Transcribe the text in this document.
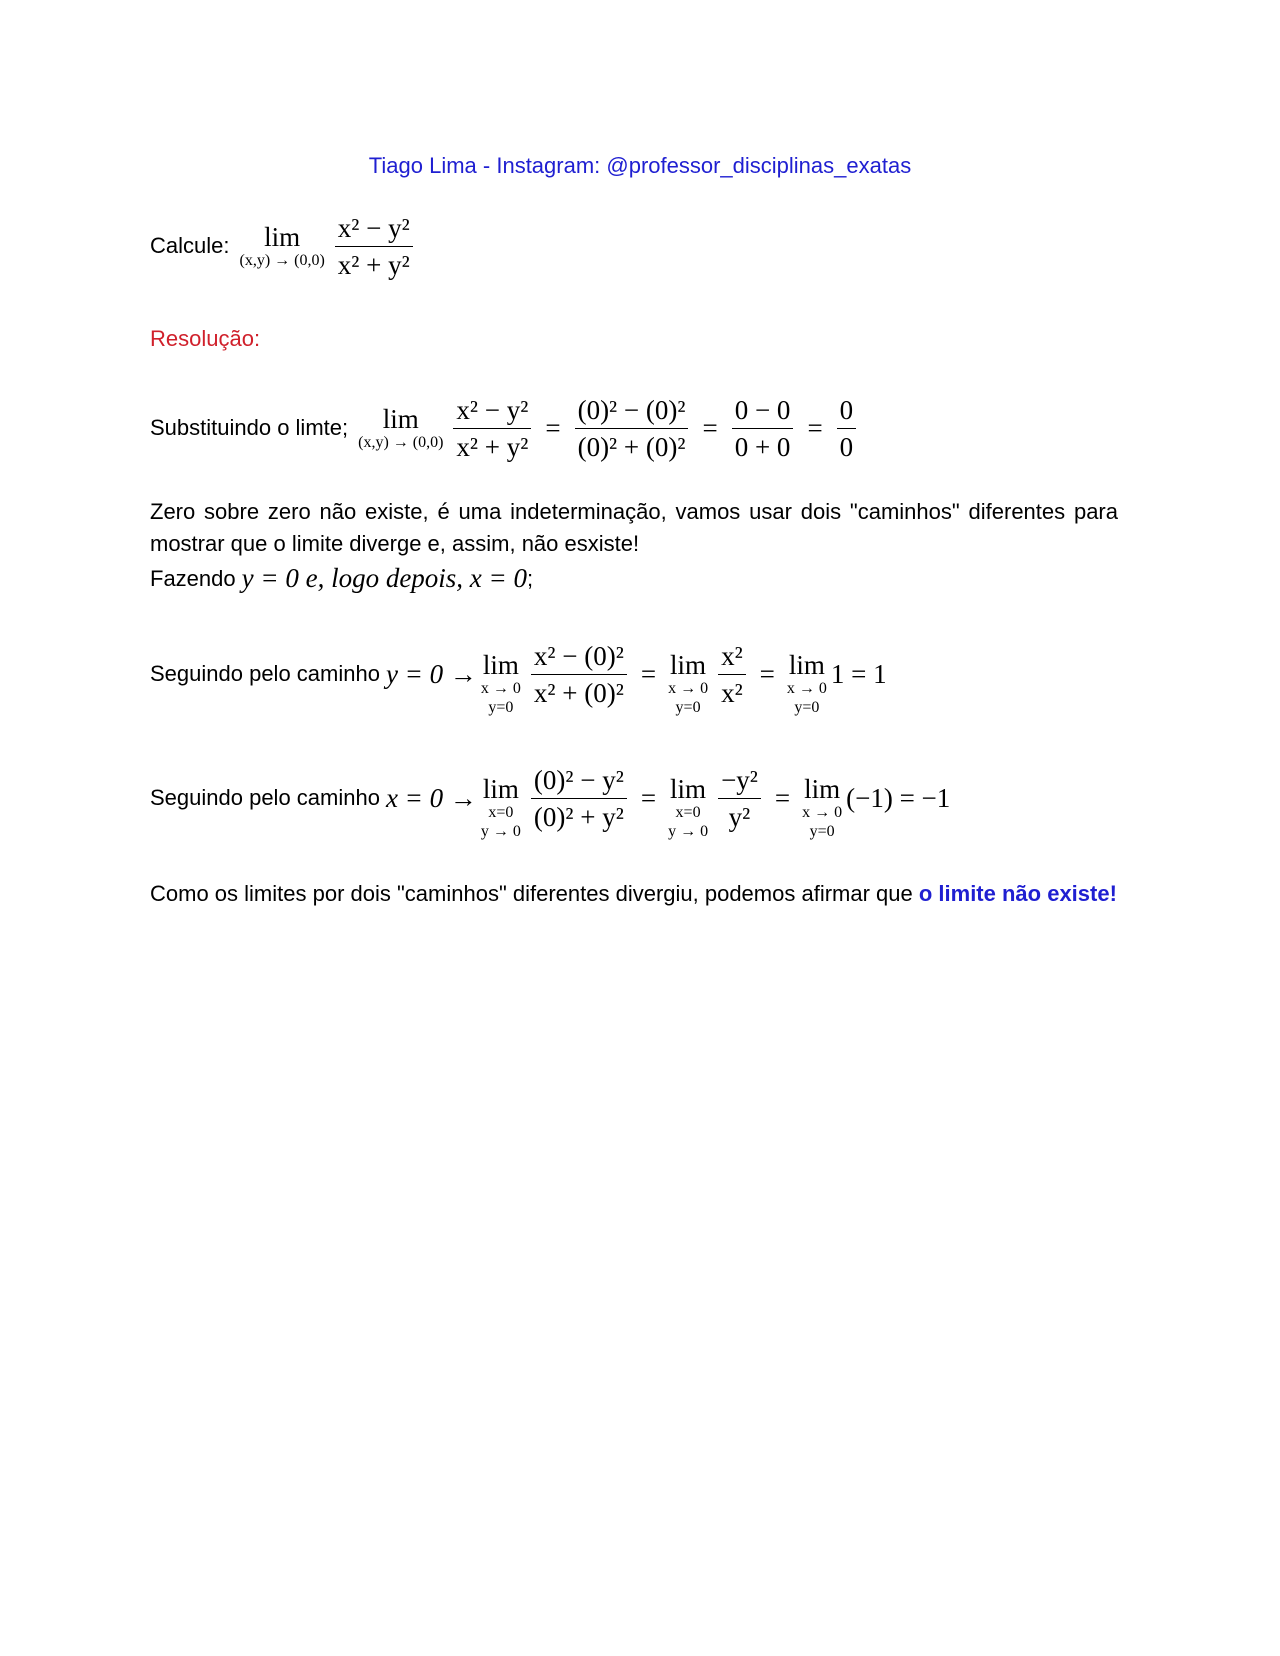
Tiago Lima - Instagram: @professor_disciplinas_exatas
Calcule: lim
$(x,y) \to (0,0) \frac{\text{x² − y²}}{\text{x² + y²}}$
Resolução:
Substituindo o limte; lim
$(x,y) \to (0,0) \frac{\text{x² − y²}}{\text{x² + y²}} = \frac{\text{(0)² − (0)²}}{\text{(0)² + (0)²}} = \frac{0 - 0}{0 + 0} = \frac{0}{0}$
Zero sobre zero não existe, é uma indeterminação, vamos usar dois "caminhos" diferentes para mostrar que o limite diverge e, assim, não esxiste!
Fazendo y = 0 e, logo depois, x = 0 ;
Seguindo pelo caminho y = 0 → lim
x → 0
$y=0 \frac{\text{x² − (0)²}}{\text{x² + (0)²}} = \lim$
x → 0
$y=0 \frac{\text{x²}}{\text{x²}} = \lim$
x → 0
y=0
1 = 1
Seguindo pelo caminho x = 0 → lim
x=0
$y \to 0 \frac{\text{(0)² − y²}}{\text{(0)² + y²}} = \lim$
x=0
$y \to 0 \frac{\text{−y²}}{\text{y²}} = \lim$
x → 0
y=0
(−1) = −1
Como os limites por dois "caminhos" diferentes divergiu, podemos afirmar que o limite não existe!
